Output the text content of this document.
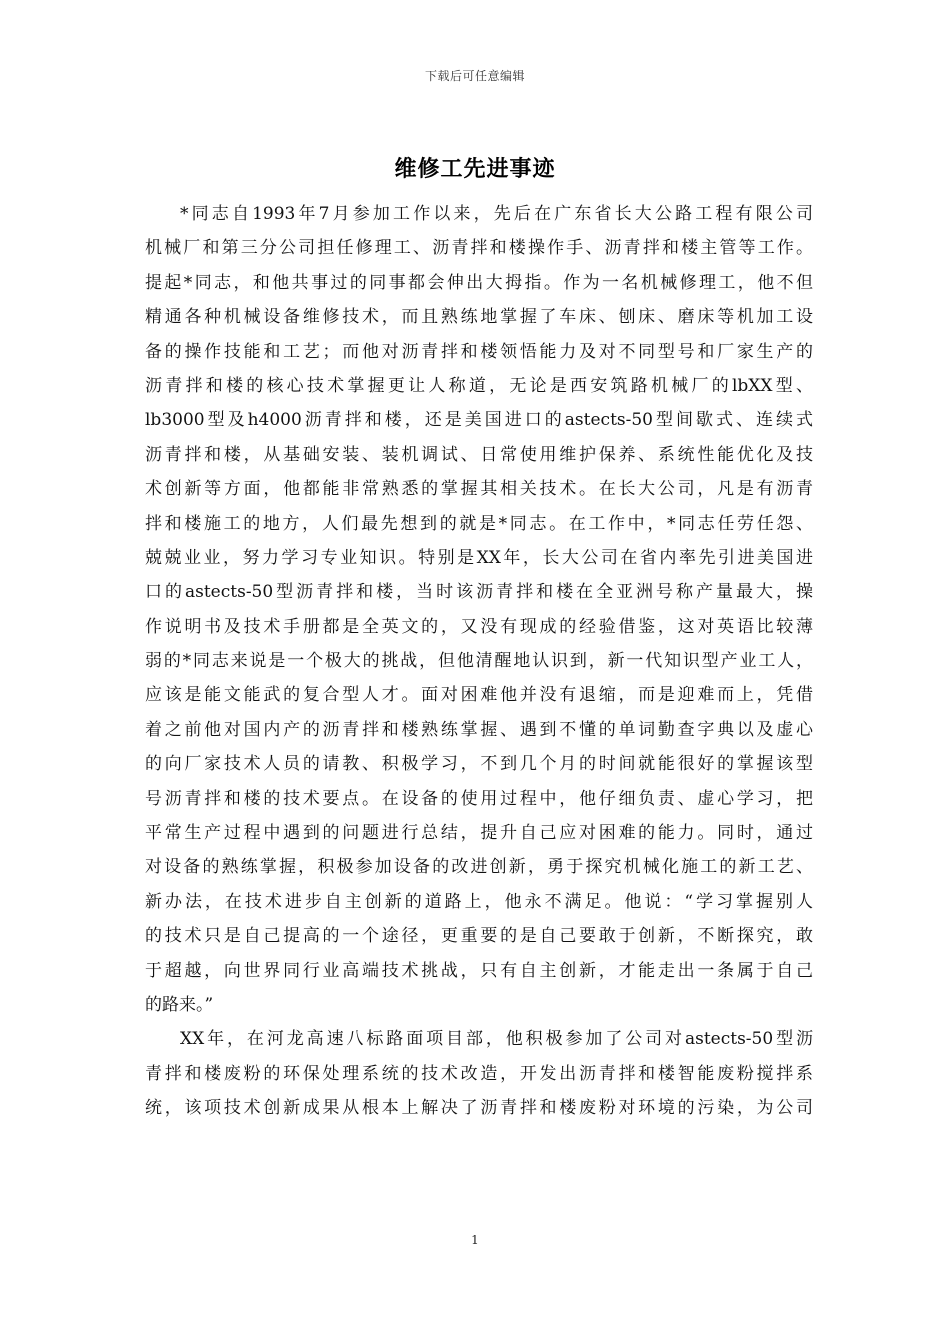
下载后可任意编辑
维修工先进事迹
*同志自1993年7月参加工作以来，先后在广东省长大公路工程有限公司
机械厂和第三分公司担任修理工、沥青拌和楼操作手、沥青拌和楼主管等工作。
提起*同志，和他共事过的同事都会伸出大拇指。作为一名机械修理工，他不但
精通各种机械设备维修技术，而且熟练地掌握了车床、刨床、磨床等机加工设
备的操作技能和工艺；而他对沥青拌和楼领悟能力及对不同型号和厂家生产的
沥青拌和楼的核心技术掌握更让人称道，无论是西安筑路机械厂的lbXX型、
lb3000型及h4000沥青拌和楼，还是美国进口的astects-50型间歇式、连续式
沥青拌和楼，从基础安装、装机调试、日常使用维护保养、系统性能优化及技
术创新等方面，他都能非常熟悉的掌握其相关技术。在长大公司，凡是有沥青
拌和楼施工的地方，人们最先想到的就是*同志。在工作中，*同志任劳任怨、
兢兢业业，努力学习专业知识。特别是XX年，长大公司在省内率先引进美国进
口的astects-50型沥青拌和楼，当时该沥青拌和楼在全亚洲号称产量最大，操
作说明书及技术手册都是全英文的，又没有现成的经验借鉴，这对英语比较薄
弱的*同志来说是一个极大的挑战，但他清醒地认识到，新一代知识型产业工人，
应该是能文能武的复合型人才。面对困难他并没有退缩，而是迎难而上，凭借
着之前他对国内产的沥青拌和楼熟练掌握、遇到不懂的单词勤查字典以及虚心
的向厂家技术人员的请教、积极学习，不到几个月的时间就能很好的掌握该型
号沥青拌和楼的技术要点。在设备的使用过程中，他仔细负责、虚心学习，把
平常生产过程中遇到的问题进行总结，提升自己应对困难的能力。同时，通过
对设备的熟练掌握，积极参加设备的改进创新，勇于探究机械化施工的新工艺、
新办法，在技术进步自主创新的道路上，他永不满足。他说：“学习掌握别人
的技术只是自己提高的一个途径，更重要的是自己要敢于创新，不断探究，敢
于超越，向世界同行业高端技术挑战，只有自主创新，才能走出一条属于自己
的路来。”
XX年，在河龙高速八标路面项目部，他积极参加了公司对astects-50型沥
青拌和楼废粉的环保处理系统的技术改造，开发出沥青拌和楼智能废粉搅拌系
统，该项技术创新成果从根本上解决了沥青拌和楼废粉对环境的污染，为公司
1
